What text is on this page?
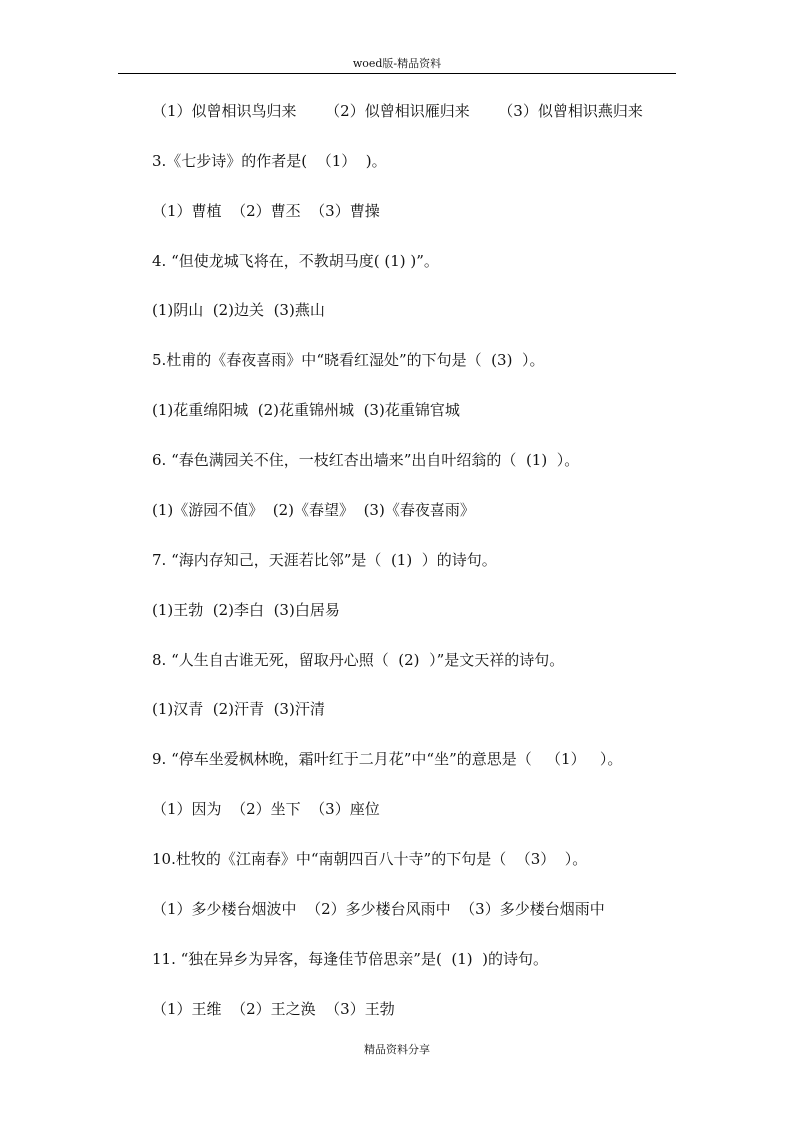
woed版-精品资料
（1）似曾相识鸟归来      （2）似曾相识雁归来      （3）似曾相识燕归来
3.《七步诗》的作者是(  （1）  )。
（1）曹植  （2）曹丕  （3）曹操
4. “但使龙城飞将在，不教胡马度( (1) )”。
(1)阴山  (2)边关  (3)燕山
5.杜甫的《春夜喜雨》中“晓看红湿处”的下句是（  (3)  ）。
(1)花重绵阳城  (2)花重锦州城  (3)花重锦官城
6. “春色满园关不住，一枝红杏出墙来”出自叶绍翁的（  (1)  ）。
(1)《游园不值》  (2)《春望》  (3)《春夜喜雨》
7. “海内存知己，天涯若比邻”是（  (1)  ）的诗句。
(1)王勃  (2)李白  (3)白居易
8. “人生自古谁无死，留取丹心照（  (2)  ）”是文天祥的诗句。
(1)汉青  (2)汗青  (3)汗清
9. “停车坐爱枫林晚，霜叶红于二月花”中“坐”的意思是（   （1）   ）。
（1）因为  （2）坐下  （3）座位
10.杜牧的《江南春》中“南朝四百八十寺”的下句是（  （3）  ）。
（1）多少楼台烟波中  （2）多少楼台风雨中  （3）多少楼台烟雨中
11. “独在异乡为异客，每逢佳节倍思亲”是(  (1)  )的诗句。
（1）王维  （2）王之涣  （3）王勃
精品资料分享
